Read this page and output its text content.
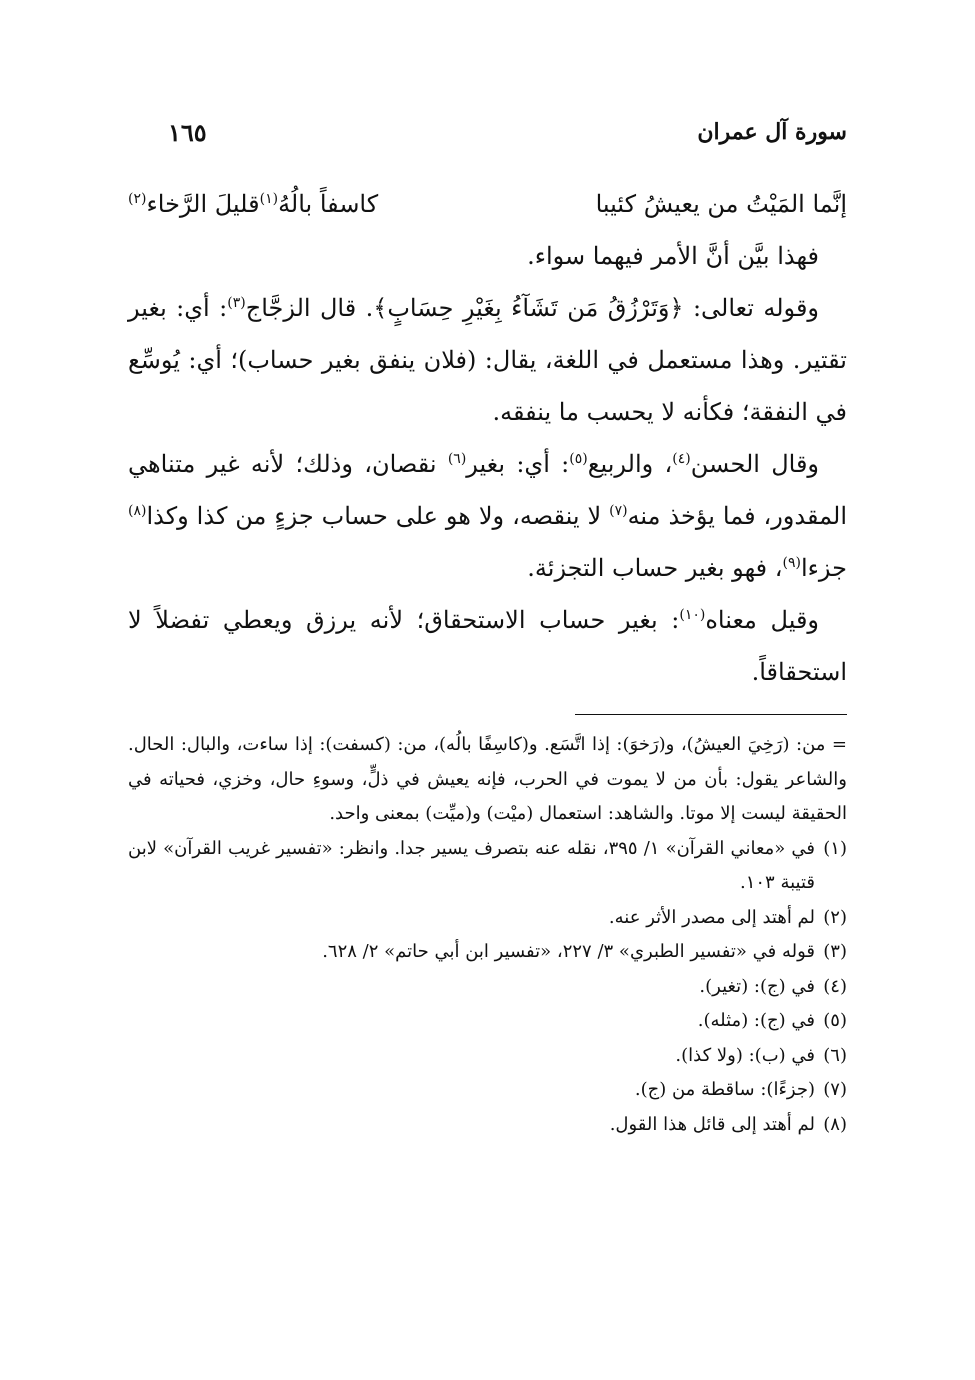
سورة آل عمران
١٦٥

إنَّما المَيْتُ من يعيشُ كئيبا
كاسفاً بالُهُ$^{(١)}$قليلَ الرَّخاء$^{(٢)}$

فهذا بيَّن أنَّ الأمر فيهما سواء.

وقوله تعالى: ﴿وَتَرْزُقُ مَن تَشَآءُ بِغَيْرِ حِسَابٍ﴾. قال الزجَّاج$^{(٣)}$: أي: بغير تقتير. وهذا مستعمل في اللغة، يقال: (فلان ينفق بغير حساب)؛ أي: يُوسِّع في النفقة؛ فكأنه لا يحسب ما ينفقه.

وقال الحسن$^{(٤)}$، والربيع$^{(٥)}$: أي: بغير$^{(٦)}$ نقصان، وذلك؛ لأنه غير متناهي المقدور، فما يؤخذ منه$^{(٧)}$ لا ينقصه، ولا هو على حساب جزءٍ من كذا وكذا$^{(٨)}$ جزءا$^{(٩)}$، فهو بغير حساب التجزئة.

وقيل معناه$^{(١٠)}$: بغير حساب الاستحقاق؛ لأنه يرزق ويعطي تفضلاً لا استحقاقاً.

= من: (رَخِيَ العيشُ)، و(رَخوَ): إذا اتَّسَع. و(كاسِفًا بالُه)، من: (كسفت): إذا ساءت، والبال: الحال. والشاعر يقول: بأن من لا يموت في الحرب، فإنه يعيش في ذلٍّ، وسوءِ حال، وخزي، فحياته في الحقيقة ليست إلا موتا. والشاهد: استعمال (ميْت) و(ميِّت) بمعنى واحد.

(١)
في «معاني القرآن» ١/ ٣٩٥، نقله عنه بتصرف يسير جدا. وانظر: «تفسير غريب القرآن» لابن قتيبة ١٠٣.
(٢)
لم أهتد إلى مصدر الأثر عنه.
(٣)
قوله في «تفسير الطبري» ٣/ ٢٢٧، «تفسير ابن أبي حاتم» ٢/ ٦٢٨.
(٤)
في (ج): (تغير).
(٥)
في (ج): (مثله).
(٦)
في (ب): (ولا كذا).
(٧)
(جزءًا): ساقطة من (ج).
(٨)
لم أهتد إلى قائل هذا القول.
